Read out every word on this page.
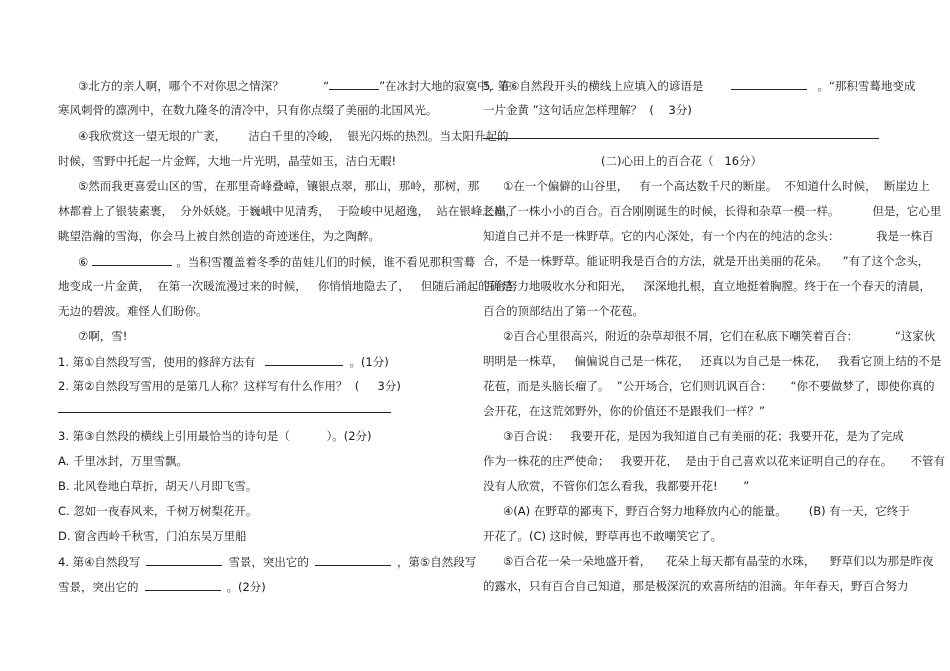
③北方的亲人啊，哪个不对你思之情深？	“	”在冰封大地的寂寞中，在
寒风刺骨的凛冽中，在数九隆冬的清冷中，只有你点缀了美丽的北国风光。
④我欣赏这一望无垠的广袤，      洁白千里的冷峻，  银光闪烁的热烈。当太阳升起的
时候，雪野中托起一片金辉，大地一片光明，晶莹如玉，洁白无暇!
⑤然而我更喜爱山区的雪，在那里奇峰叠嶂，镶银点翠，那山，那岭，那树，那
林都着上了银装素裹，  分外妖娆。于巍峨中见清秀，  于险峻中见超逸，  站在银峰之巅，
眺望浩瀚的雪海，你会马上被自然创造的奇迹迷住，为之陶醉。
⑥	。当积雪覆盖着冬季的苗娃儿们的时候，谁不看见那积雪蓦
地变成一片金黄，  在第一次暖流漫过来的时候，   你悄悄地隐去了，   但随后涌起的确是
无边的碧波。难怪人们盼你。
⑦啊，雪!
1. 第①自然段写雪，使用的修辞方法有	。(1分)
2. 第②自然段写雪用的是第几人称？这样写有什么作用？  (     3分)
3. 第③自然段的横线上引用最恰当的诗句是（          ）。(2分)
A. 千里冰封，万里雪飘。
B. 北风卷地白草折，胡天八月即飞雪。
C. 忽如一夜春风来，千树万树梨花开。
D. 窗含西岭千秋雪，门泊东吴万里船
4. 第④自然段写	雪景，突出它的	，第⑤自然段写
雪景，突出它的	。(2分)
5. 第⑥自然段开头的横线上应填入的谚语是	。“那积雪蓦地变成
一片金黄 ”这句话应怎样理解？  (    3分)
(二)心田上的百合花（   16分）
①在一个偏僻的山谷里，   有一个高达数千尺的断崖。  不知道什么时候，  断崖边上
长出了一株小小的百合。百合刚刚诞生的时候，长得和杂草一模一样。         但是，它心里
知道自己并不是一株野草。它的内心深处，有一个内在的纯洁的念头：          我是一株百
合，不是一株野草。能证明我是百合的方法，就是开出美丽的花朵。    ”有了这个念头，
百合努力地吸收水分和阳光，   深深地扎根，直立地挺着胸膛。终于在一个春天的清晨，
百合的顶部结出了第一个花苞。
②百合心里很高兴，附近的杂草却很不屑，它们在私底下嘲笑着百合：          “这家伙
明明是一株草，   偏偏说自己是一株花，   还真以为自己是一株花，   我看它顶上结的不是
花苞，而是头脑长瘤了。  ”公开场合，它们则讥讽百合：     “你不要做梦了，即使你真的
会开花，在这荒郊野外，你的价值还不是跟我们一样？”
③百合说：   我要开花，是因为我知道自己有美丽的花；我要开花，是为了完成
作为一株花的庄严使命；   我要开花，  是由于自己喜欢以花来证明自己的存在。     不管有
没有人欣赏，不管你们怎么看我，我都要开花!       ”
④(A) 在野草的鄙夷下，野百合努力地释放内心的能量。      (B) 有一天，它终于
开花了。(C) 这时候，野草再也不敢嘲笑它了。
⑤百合花一朵一朵地盛开着，    花朵上每天都有晶莹的水珠，    野草们以为那是昨夜
的露水，只有百合自己知道，那是极深沉的欢喜所结的泪滴。年年春天，野百合努力
